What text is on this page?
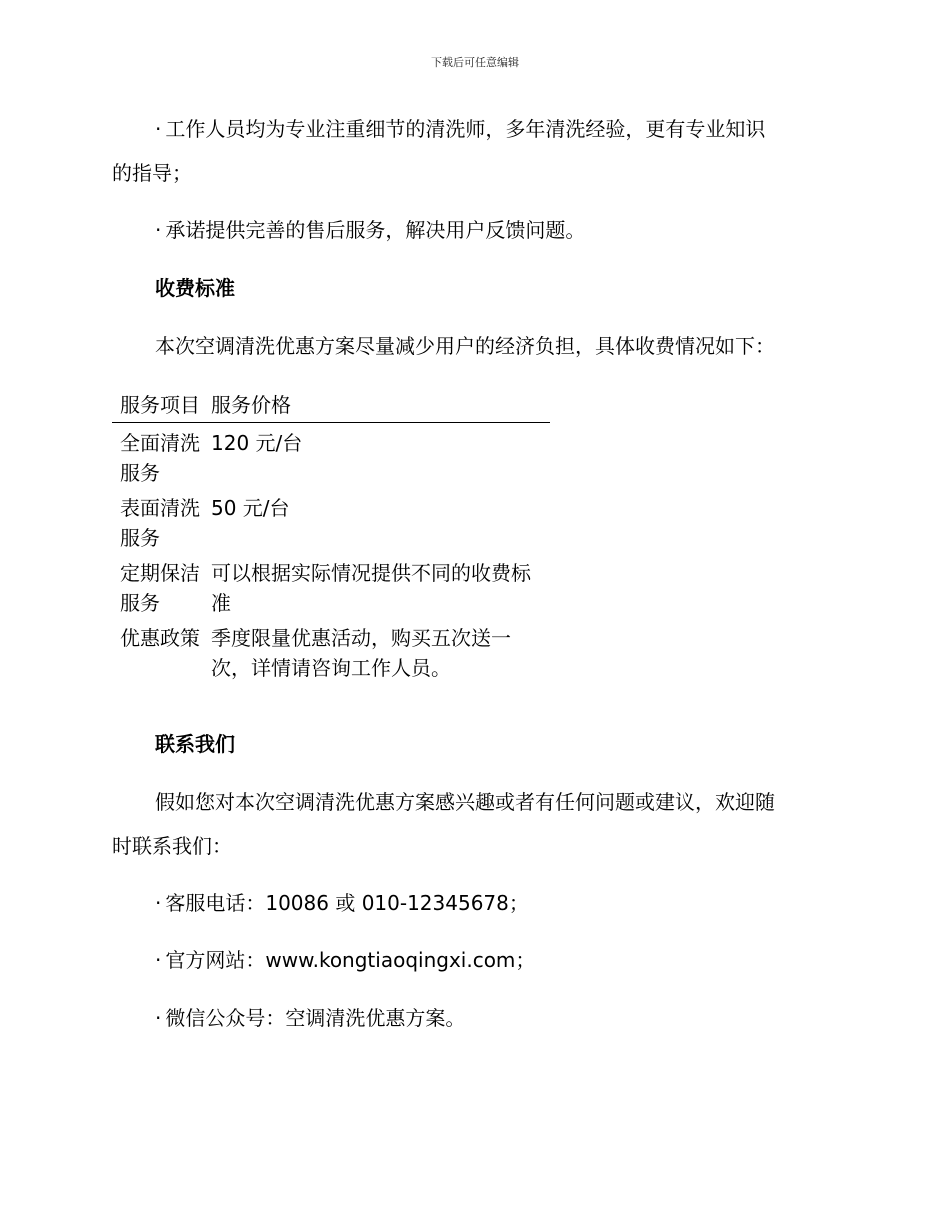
下载后可任意编辑
· 工作人员均为专业注重细节的清洗师，多年清洗经验，更有专业知识
的指导；
· 承诺提供完善的售后服务，解决用户反馈问题。
收费标准
本次空调清洗优惠方案尽量减少用户的经济负担，具体收费情况如下：
服务项目	服务价格
全面清洗服务	120 元/台
表面清洗服务	50 元/台
定期保洁服务	可以根据实际情况提供不同的收费标准
优惠政策	季度限量优惠活动，购买五次送一次，详情请咨询工作人员。
联系我们
假如您对本次空调清洗优惠方案感兴趣或者有任何问题或建议，欢迎随
时联系我们：
· 客服电话：10086 或 010-12345678；
· 官方网站：www.kongtiaoqingxi.com；
· 微信公众号：空调清洗优惠方案。
